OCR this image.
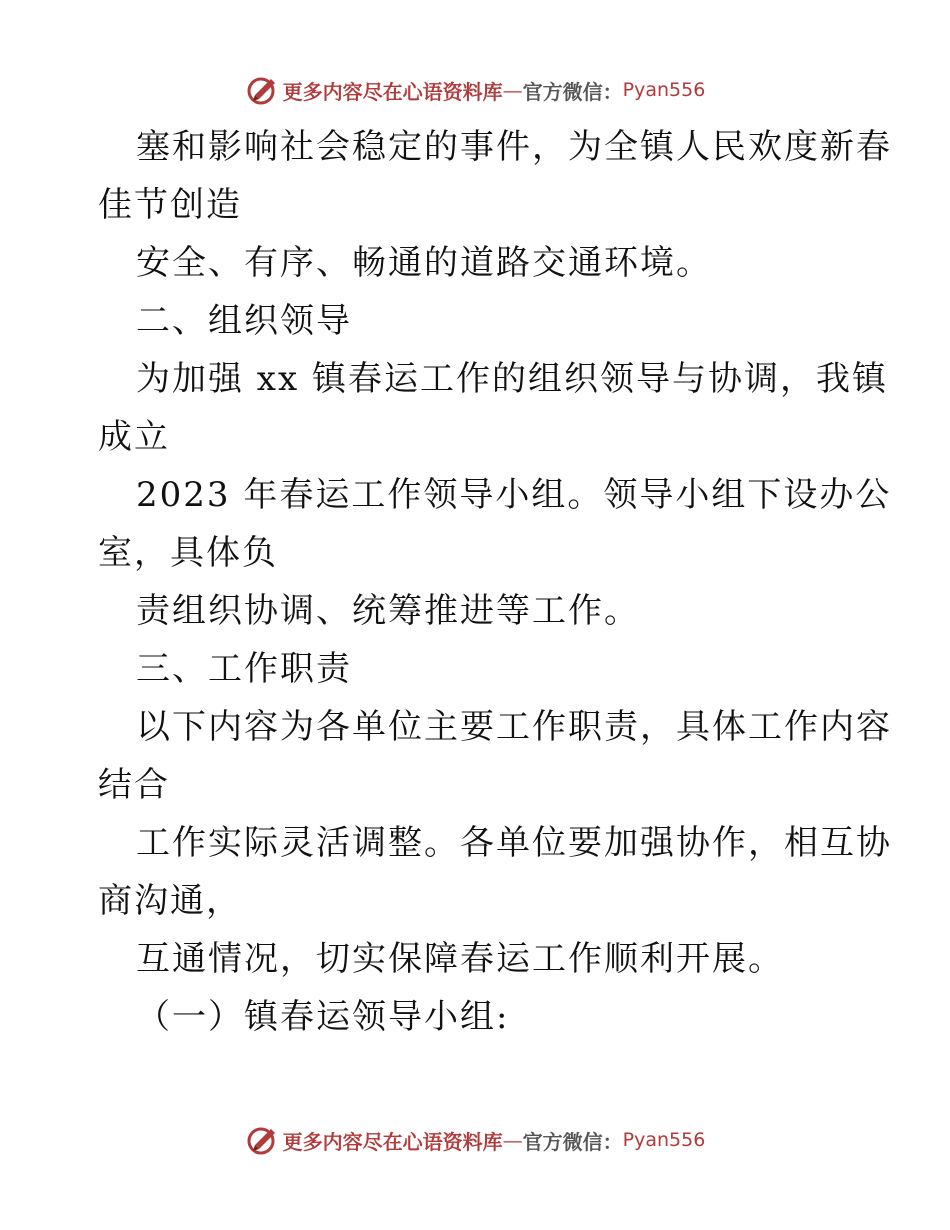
更多内容尽在心语资料库 — 官方微信： Pyan556
塞和影响社会稳定的事件，为全镇人民欢度新春
佳节创造
安全、有序、畅通的道路交通环境。
二、组织领导
为加强 xx 镇春运工作的组织领导与协调，我镇
成立
2023 年春运工作领导小组。领导小组下设办公
室，具体负
责组织协调、统筹推进等工作。
三、工作职责
以下内容为各单位主要工作职责，具体工作内容
结合
工作实际灵活调整。各单位要加强协作，相互协
商沟通，
互通情况，切实保障春运工作顺利开展。
（一）镇春运领导小组:
更多内容尽在心语资料库 — 官方微信： Pyan556
